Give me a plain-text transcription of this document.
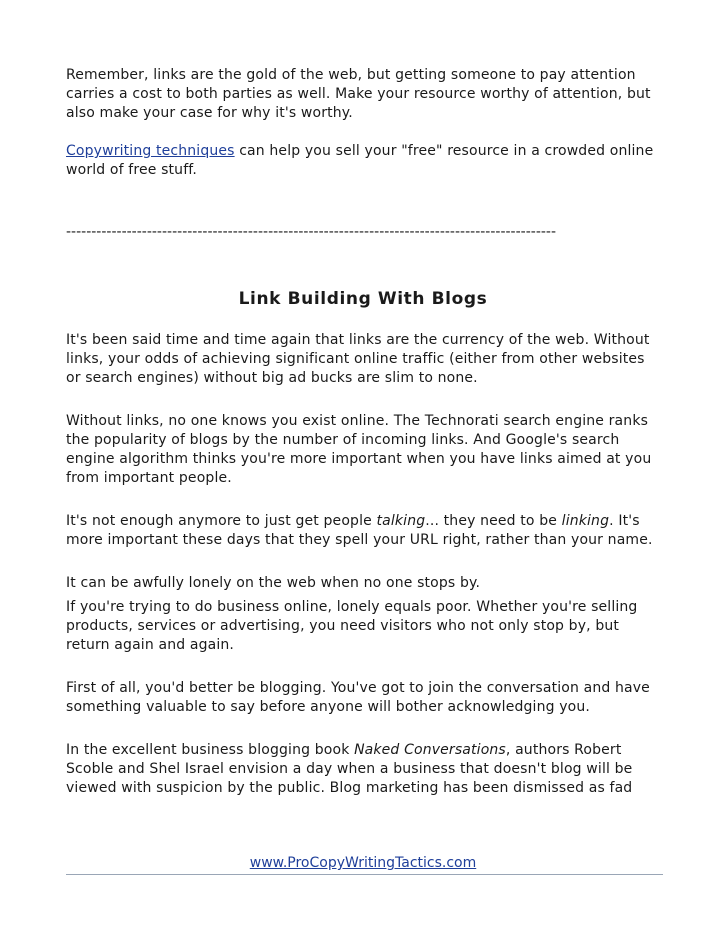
Remember, links are the gold of the web, but getting someone to pay attention carries a cost to both parties as well. Make your resource worthy of attention, but also make your case for why it's worthy.

Copywriting techniques can help you sell your "free" resource in a crowded online world of free stuff.

-------------------------------------------------------------------------------------------------
Link Building With Blogs

It's been said time and time again that links are the currency of the web. Without links, your odds of achieving significant online traffic (either from other websites or search engines) without big ad bucks are slim to none.

Without links, no one knows you exist online. The Technorati search engine ranks the popularity of blogs by the number of incoming links. And Google's search engine algorithm thinks you're more important when you have links aimed at you from important people.

It's not enough anymore to just get people talking... they need to be linking. It's more important these days that they spell your URL right, rather than your name.

It can be awfully lonely on the web when no one stops by.

If you're trying to do business online, lonely equals poor. Whether you're selling products, services or advertising, you need visitors who not only stop by, but return again and again.

First of all, you'd better be blogging. You've got to join the conversation and have something valuable to say before anyone will bother acknowledging you.

In the excellent business blogging book Naked Conversations, authors Robert Scoble and Shel Israel envision a day when a business that doesn't blog will be viewed with suspicion by the public. Blog marketing has been dismissed as fad

www.ProCopyWritingTactics.com
